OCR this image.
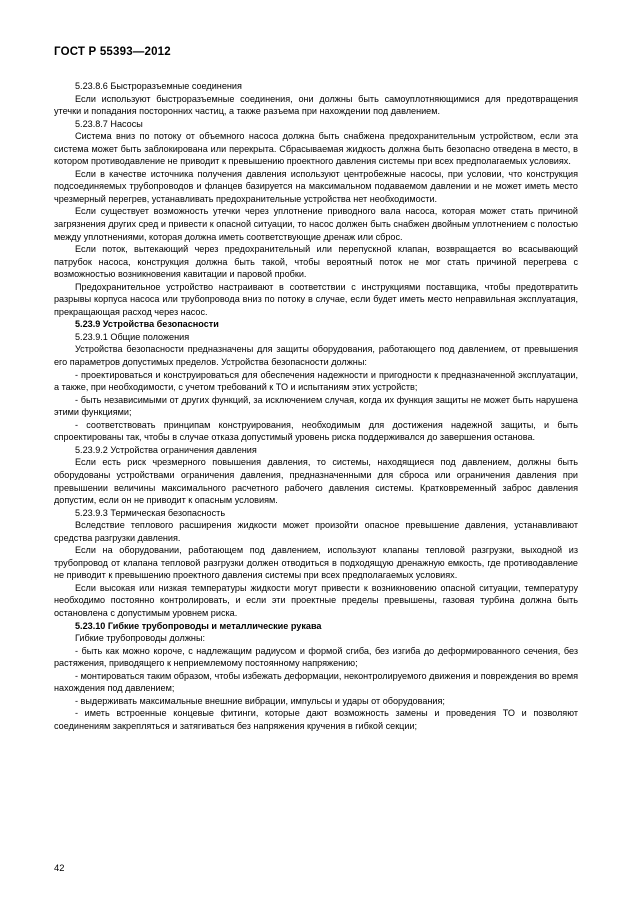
ГОСТ Р 55393—2012

5.23.8.6 Быстроразъемные соединения

Если используют быстроразъемные соединения, они должны быть самоуплотняющимися для предотвращения утечки и попадания посторонних частиц, а также разъема при нахождении под давлением.

5.23.8.7 Насосы

Система вниз по потоку от объемного насоса должна быть снабжена предохранительным устройством, если эта система может быть заблокирована или перекрыта. Сбрасываемая жидкость должна быть безопасно отведена в место, в котором противодавление не приводит к превышению проектного давления системы при всех предполагаемых условиях.

Если в качестве источника получения давления используют центробежные насосы, при условии, что конструкция подсоединяемых трубопроводов и фланцев базируется на максимальном подаваемом давлении и не может иметь место чрезмерный перегрев, устанавливать предохранительные устройства нет необходимости.

Если существует возможность утечки через уплотнение приводного вала насоса, которая может стать причиной загрязнения других сред и привести к опасной ситуации, то насос должен быть снабжен двойным уплотнением с полостью между уплотнениями, которая должна иметь соответствующие дренаж или сброс.

Если поток, вытекающий через предохранительный или перепускной клапан, возвращается во всасывающий патрубок насоса, конструкция должна быть такой, чтобы вероятный поток не мог стать причиной перегрева с возможностью возникновения кавитации и паровой пробки.

Предохранительное устройство настраивают в соответствии с инструкциями поставщика, чтобы предотвратить разрывы корпуса насоса или трубопровода вниз по потоку в случае, если будет иметь место неправильная эксплуатация, прекращающая расход через насос.

5.23.9 Устройства безопасности

5.23.9.1 Общие положения

Устройства безопасности предназначены для защиты оборудования, работающего под давлением, от превышения его параметров допустимых пределов. Устройства безопасности должны:

- проектироваться и конструироваться для обеспечения надежности и пригодности к предназначенной эксплуатации, а также, при необходимости, с учетом требований к ТО и испытаниям этих устройств;

- быть независимыми от других функций, за исключением случая, когда их функция защиты не может быть нарушена этими функциями;

- соответствовать принципам конструирования, необходимым для достижения надежной защиты, и быть спроектированы так, чтобы в случае отказа допустимый уровень риска поддерживался до завершения останова.

5.23.9.2 Устройства ограничения давления

Если есть риск чрезмерного повышения давления, то системы, находящиеся под давлением, должны быть оборудованы устройствами ограничения давления, предназначенными для сброса или ограничения давления при превышении величины максимального расчетного рабочего давления системы. Кратковременный заброс давления допустим, если он не приводит к опасным условиям.

5.23.9.3 Термическая безопасность

Вследствие теплового расширения жидкости может произойти опасное превышение давления, устанавливают средства разгрузки давления.

Если на оборудовании, работающем под давлением, используют клапаны тепловой разгрузки, выходной из трубопровод от клапана тепловой разгрузки должен отводиться в подходящую дренажную емкость, где противодавление не приводит к превышению проектного давления системы при всех предполагаемых условиях.

Если высокая или низкая температуры жидкости могут привести к возникновению опасной ситуации, температуру необходимо постоянно контролировать, и если эти проектные пределы превышены, газовая турбина должна быть остановлена с допустимым уровнем риска.

5.23.10 Гибкие трубопроводы и металлические рукава

Гибкие трубопроводы должны:

- быть как можно короче, с надлежащим радиусом и формой сгиба, без изгиба до деформированного сечения, без растяжения, приводящего к неприемлемому постоянному напряжению;

- монтироваться таким образом, чтобы избежать деформации, неконтролируемого движения и повреждения во время нахождения под давлением;

- выдерживать максимальные внешние вибрации, импульсы и удары от оборудования;

- иметь встроенные концевые фитинги, которые дают возможность замены и проведения ТО и позволяют соединениям закрепляться и затягиваться без напряжения кручения в гибкой секции;

42
